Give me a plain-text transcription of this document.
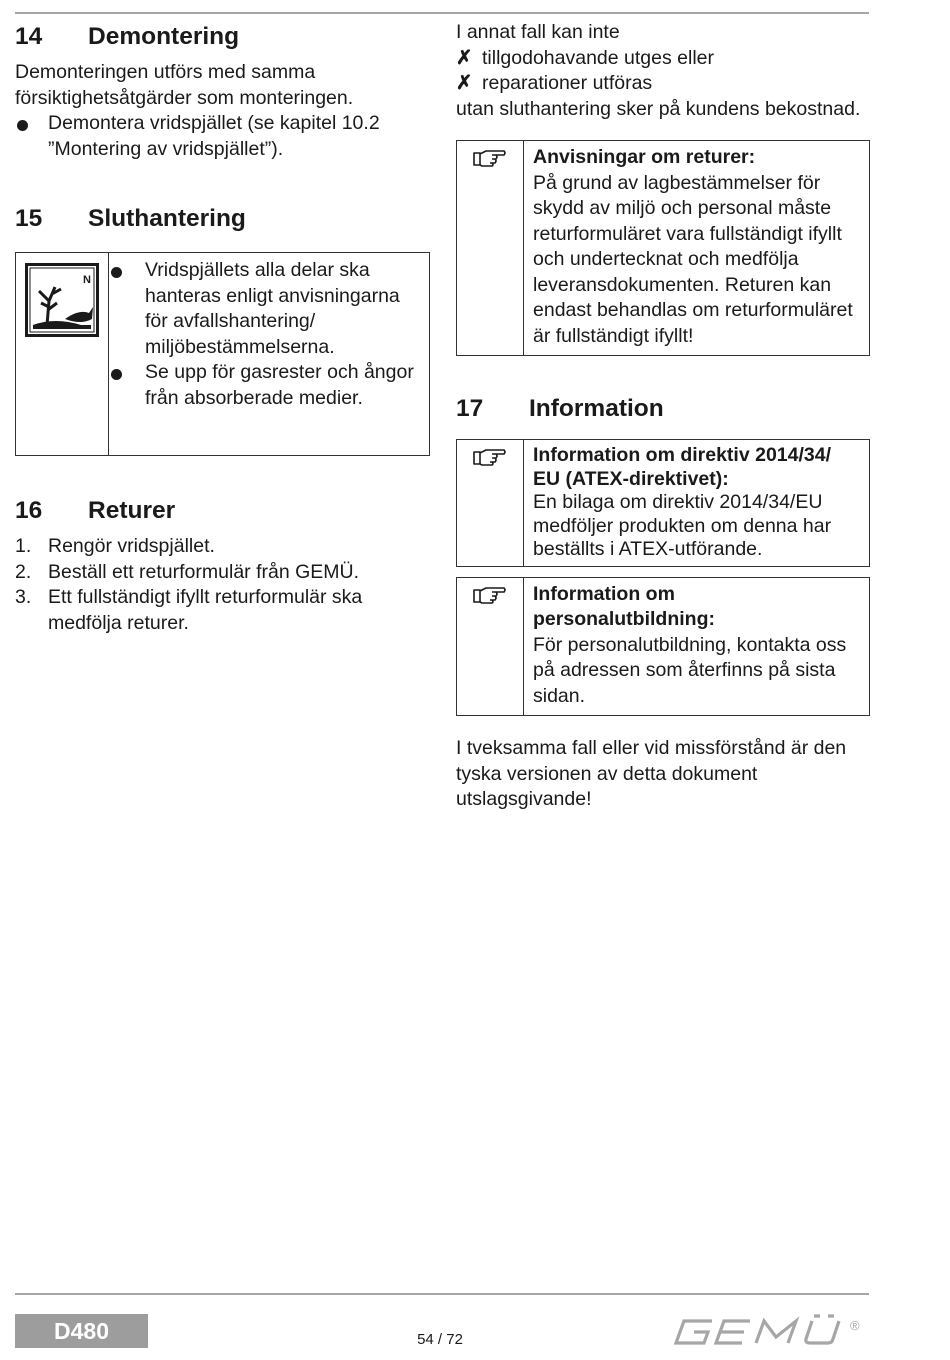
14	Demontering

Demonteringen utförs med samma försiktighetsåtgärder som monteringen.

Demontera vridspjället (se kapitel 10.2 ”Montering av vridspjället”).
15	Sluthantering
N	Vridspjällets alla delar ska hanteras enligt anvisningarna för avfallshantering/ miljöbestämmelserna.
Se upp för gasrester och ångor från absorberade medier.
16	Returer
1. Rengör vridspjället.
2. Beställ ett returformulär från GEMÜ.
3. Ett fullständigt ifyllt returformulär ska medfölja returer.

I annat fall kan inte

✗ tillgodohavande utges eller
✗ reparationer utföras

utan sluthantering sker på kundens bekostnad.

Anvisningar om returer:

På grund av lagbestämmelser för skydd av miljö och personal måste returformuläret vara fullständigt ifyllt och undertecknat och medfölja leveransdokumenten. Returen kan endast behandlas om returformuläret är fullständigt ifyllt!

17	Information

Information om direktiv 2014/34/ EU (ATEX-direktivet):

En bilaga om direktiv 2014/34/EU medföljer produkten om denna har beställts i ATEX-utförande.

Information om personalutbildning:

För personalutbildning, kontakta oss på adressen som återfinns på sista sidan.

I tveksamma fall eller vid missförstånd är den tyska versionen av detta dokument utslagsgivande!

D480	54 / 72
®
